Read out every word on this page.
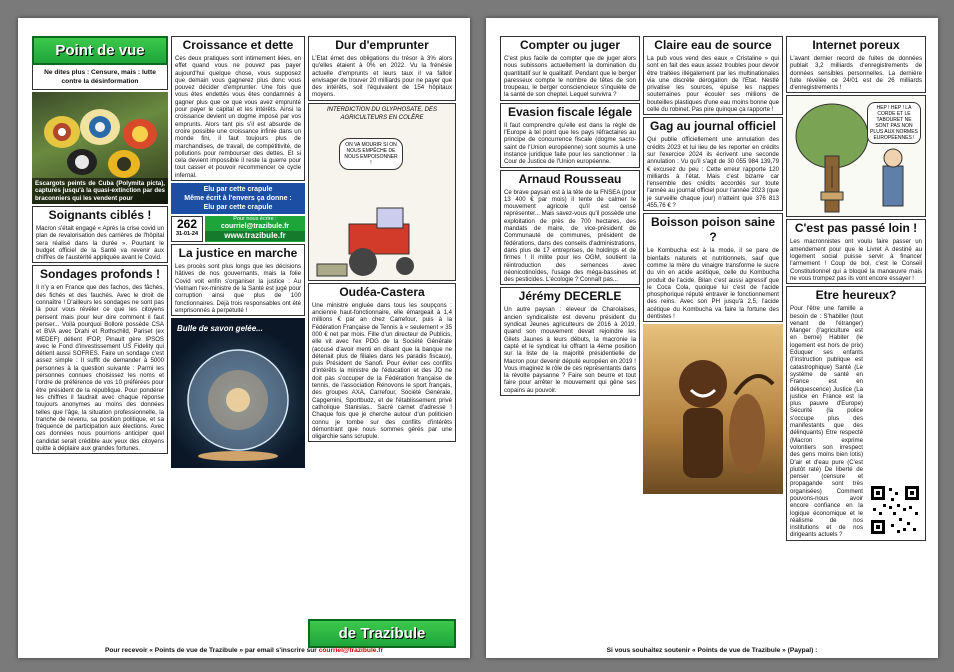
Point de vue
Ne dites plus : Censure, mais : lutte contre la désinformation
Escargots peints de Cuba (Polymita picta), capturés jusqu'à la quasi-extinction par des braconniers qui les vendent pour
Soignants ciblés !
Macron s'était engagé « Après la crise covid un plan de revalorisation des carrières de l'hôpital sera réalisé dans la durée ». Pourtant le budget officiel de la Santé va revenir aux chiffres de l'austérité appliquée avant le Covid.
Sondages profonds !
Il n'y a en France que des fachos, des fâchés, des fichés et des fauchés. Avec le droit de connaître ! D'ailleurs les sondages ne sont pas là pour vous révéler ce que les citoyens pensent mais pour leur dire comment il faut penser... Voilà pourquoi Bolloré possède CSA et BVA avec Drahi et Rothschild, Pariset (ex MEDEF) détient IFOP, Pinault gère IPSOS avec le Fond d'investissement US Fidelity qui détient aussi SOFRES. Faire un sondage c'est assez simple : Il suffit de demander à 5000 personnes à la question suivante : Parmi les personnes connues choisissez les noms et l'ordre de préférence de vos 10 préférées pour être président de la république. Pour pondérer les chiffres il faudrait avec chaque réponse toujours anonymes au moins des données telles que l'âge, la situation professionnelle, la tranche de revenu, sa position politique, et sa fréquence de participation aux élections. Avec ces données nous pourrions anticiper quel candidat serait crédible aux yeux des citoyens quitte à déplaire aux grandes fortunes.
Croissance et dette
Ces deux pratiques sont intimement liées, en effet quand vous ne pouvez pas payer aujourd'hui quelque chose, vous supposez que demain vous gagnerez plus donc vous pouvez décider d'emprunter. Une fois que vous êtes endettés vous êtes condamnés à gagner plus que ce que vous avez emprunté pour payer le capital et les intérêts. Ainsi la croissance devient un dogme imposé par vos emprunts. Alors tant pis s'il est absurde de croire possible une croissance infinie dans un monde fini, il faut toujours plus de marchandises, de travail, de compétitivité, de pollutions pour rembourser des dettes. Et si cela devient impossible il reste la guerre pour tout casser et pouvoir recommencer ce cycle infernal.
Elu par cette crapule
Même écrit à l'envers ça donne :
Elu par cette crapule
262
31-01-24
Pour nous écrire :
courriel@trazibule.fr
www.trazibule.fr
La justice en marche
Les procès sont plus longs que les décisions hâtives de nos gouvernants, mais la folie Covid voit enfin s'organiser la justice : Au Vietnam l'ex-ministre de la Santé est jugé pour corruption ainsi que plus de 100 fonctionnaires. Déjà trois responsables ont été emprisonnés à perpétuité !
Bulle de savon gelée...
Dur d'emprunter
L'Etat émet des obligations du trésor à 3% alors qu'elles étaient à 0% en 2022. Vu la frénésie actuelle d'emprunts et leurs taux il va falloir envisager de trouver 20 milliards pour ne payer que des intérêts, soit l'équivalent de 154 hôpitaux moyens.
INTERDICTION DU GLYPHOSATE, DES AGRICULTEURS EN COLÈRE
ON VA MOURIR SI ON NOUS EMPÊCHE DE NOUS EMPOISONNER !
Oudéa-Castera
Une ministre engluée dans tous les soupçons : ancienne haut-fonctionnaire, elle émargeait à 1,4 millions € par an chez Carrefour, puis à la Fédération Française de Tennis à « seulement » 35 000 € net par mois. Fille d'un directeur de Publicis, elle vit avec l'ex PDG de la Société Générale (accusé d'avoir menti en disant que la banque ne détenait plus de filiales dans les paradis fiscaux), puis Président de Sanofi. Pour éviter ces conflits d'intérêts la ministre de l'éducation et des JO ne doit pas s'occuper de la Fédération française de tennis, de l'association Rénovons le sport français, des groupes AXA, Carrefour, Société Générale, Capgemini, Sportbudz, et de l'établissement privé catholique Stanislas.. Sacré carnet d'adresse ! Chaque fois que je cherche autour d'un politicien connu je tombe sur des conflits d'intérêts démontrant que nous sommes gérés par une oligarchie sans scrupule.
de Trazibule
Pour recevoir « Points de vue de Trazibule » par email s'inscrire sur courriel@trazibule.fr
Compter ou juger
C'est plus facile de compter que de juger alors nous subissons actuellement la domination du quantitatif sur le qualitatif. Pendant que le berger paresseux compte le nombre de têtes de son troupeau, le berger consciencieux s'inquiète de la santé de son cheptel. Lequel survivra ?
Evasion fiscale légale
Il faut comprendre qu'elle est dans la règle de l'Europe à tel point que les pays réfractaires au principe de concurrence fiscale (dogme sacro-saint de l'Union européenne) sont soumis à une instance juridique faite pour les sanctionner : la Cour de Justice de l'Union européenne.
Arnaud Rousseau
Ce brave paysan est à la tête de la FNSEA (pour 13 400 € par mois) il tente de calmer le mouvement agricole qu'il est censé représenter... Mais savez-vous qu'il possède une exploitation de près de 700 hectares, des mandats de maire, de vice-président de Communauté de communes, président de fédérations, dans des conseils d'administrations, dans plus de 17 entreprises, de holdings et de firmes ! Il milite pour les OGM, soutient la réintroduction des semences avec néonicotinoïdes, l'usage des méga-bassines et des pesticides. L'écologie ? Connaît pas...
Jérémy DECERLE
Un autre paysan : éleveur de Charolaises, ancien syndicaliste est devenu président du syndicat Jeunes agriculteurs de 2016 à 2019, quand son mouvement devait rejoindre les Gilets Jaunes à leurs débuts, la macronie la capté et le syndicat lui offrant la 4ème position sur la liste de la majorité présidentielle de Macron pour devenir député européen en 2019 ! Vous imaginez le rôle de ces représentants dans la révolte paysanne ? Faire son beurre et tout faire pour arrêter le mouvement qui gêne ses copains au pouvoir.
Claire eau de source
La pub vous vend des eaux « Cristaline » qui sont en fait des eaux assez troubles pour devoir être traitées illégalement par les multinationales via une discrète dérogation de l'Etat. Nestlé privatise les sources, épuise les nappes souterraines pour écouler ses millions de bouteilles plastiques d'une eau moins bonne que celle du robinet. Pas pire quinque ça rapporte !
Gag au journal officiel
Qui publie officiellement une annulation des crédits 2023 et lui lieu de les reporter en crédits sur l'exercice 2024 ils écrivent une seconde annulation : Vu qu'il s'agit de 30 055 984 139,79 € excusez du peu : Cette erreur rapporte 120 milliards à l'état. Mais c'est bizarre car l'ensemble des crédits accordés sur toute l'année au journal officiel pour l'année 2023 (que je surveille chaque jour) n'atteint que 376 813 455,76 € ?
Boisson poison saine ?
Le Kombucha est à la mode, il se pare de bienfaits naturels et nutritionnels, sauf que comme la mère du vinaigre transforme le sucre du vin en acide acétique, celle du Kombucha produit de l'acide. Bilan c'est aussi agressif que le Coca Cola, quoique lui c'est de l'acide phosphorique réputé entraver le fonctionnement des reins. Avec son PH jusqu'à 2,5, l'acide acétique du Kombucha va faire la fortune des dentistes !
Internet poreux
L'avant dernier record de fuites de données publait 3,2 milliards d'enregistrements de données sensibles personnelles. La dernière fuite révélée ce 24/01 est de 26 milliards d'enregistrements !
HEP ! HEP ! LA CORDE ET LE TABOURET NE SONT PAS NON PLUS AUX NORMES EUROPÉENNES !
C'est pas passé loin !
Les macronnistes ont voulu faire passer un amendement pour que le Livret A destiné au logement social puisse servir à financer l'armement ! Coup de bol, c'est le Conseil Constitutionnel qui a bloqué la manœuvre mais ne vous trompez pas ils vont encore essayer !
Etre heureux?
Pour l'être une famille a besoin de : S'habiller (tout venant de l'étranger) Manger (l'agriculture est en berne) Habiter (le logement est hors de prix) Eduquer ses enfants (l'instruction publique est catastrophique) Santé (Le système de santé en France est en déliquescence) Justice (La justice en France est la plus pauvre d'Europe) Sécurité (la police s'occupe plus des manifestants que des délinquants) Etre respecté (Macron exprime volontiers son irrespect des gens moins bien lotis) D'air et d'eau pure (C'est plutôt raté) De liberté de penser (censure et propagande sont très organisées) Comment pouvons-nous avoir encore confiance en la logique économique et le réalisme de nos institutions et de nos dirigeants actuels ?
Si vous souhaitez soutenir « Points de vue de Trazibule » (Paypal) :
